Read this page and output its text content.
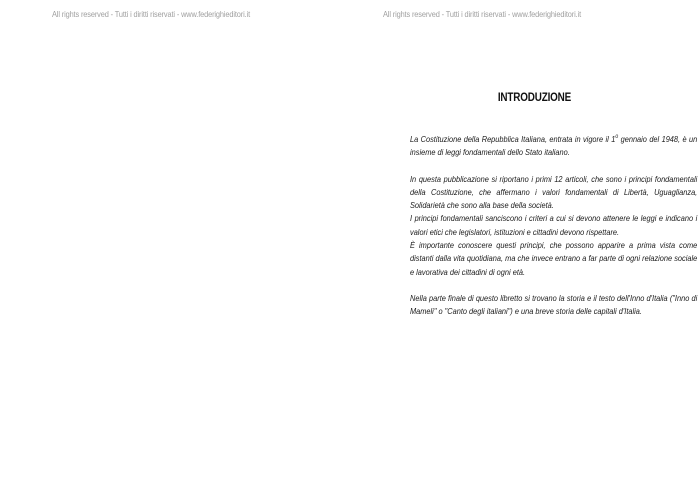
All rights reserved - Tutti i diritti riservati - www.federighieditori.it	All rights reserved - Tutti i diritti riservati - www.federighieditori.it
INTRODUZIONE

La Costituzione della Repubblica Italiana, entrata in vigore il 1$^o$ gennaio del 1948, è un insieme di leggi fondamentali dello Stato italiano.

In questa pubblicazione si riportano i primi 12 articoli, che sono i principi fondamentali della Costituzione, che affermano i valori fondamentali di Libertà, Uguaglianza, Solidarietà che sono alla base della società.

I principi fondamentali sanciscono i criteri a cui si devono attenere le leggi e indicano i valori etici che legislatori, istituzioni e cittadini devono rispettare.

È importante conoscere questi principi, che possono apparire a prima vista come distanti dalla vita quotidiana, ma che invece entrano a far parte di ogni relazione sociale e lavorativa dei cittadini di ogni età.

Nella parte finale di questo libretto si trovano la storia e il testo dell'Inno d'Italia ("Inno di Mameli" o "Canto degli italiani") e una breve storia delle capitali d'Italia.
